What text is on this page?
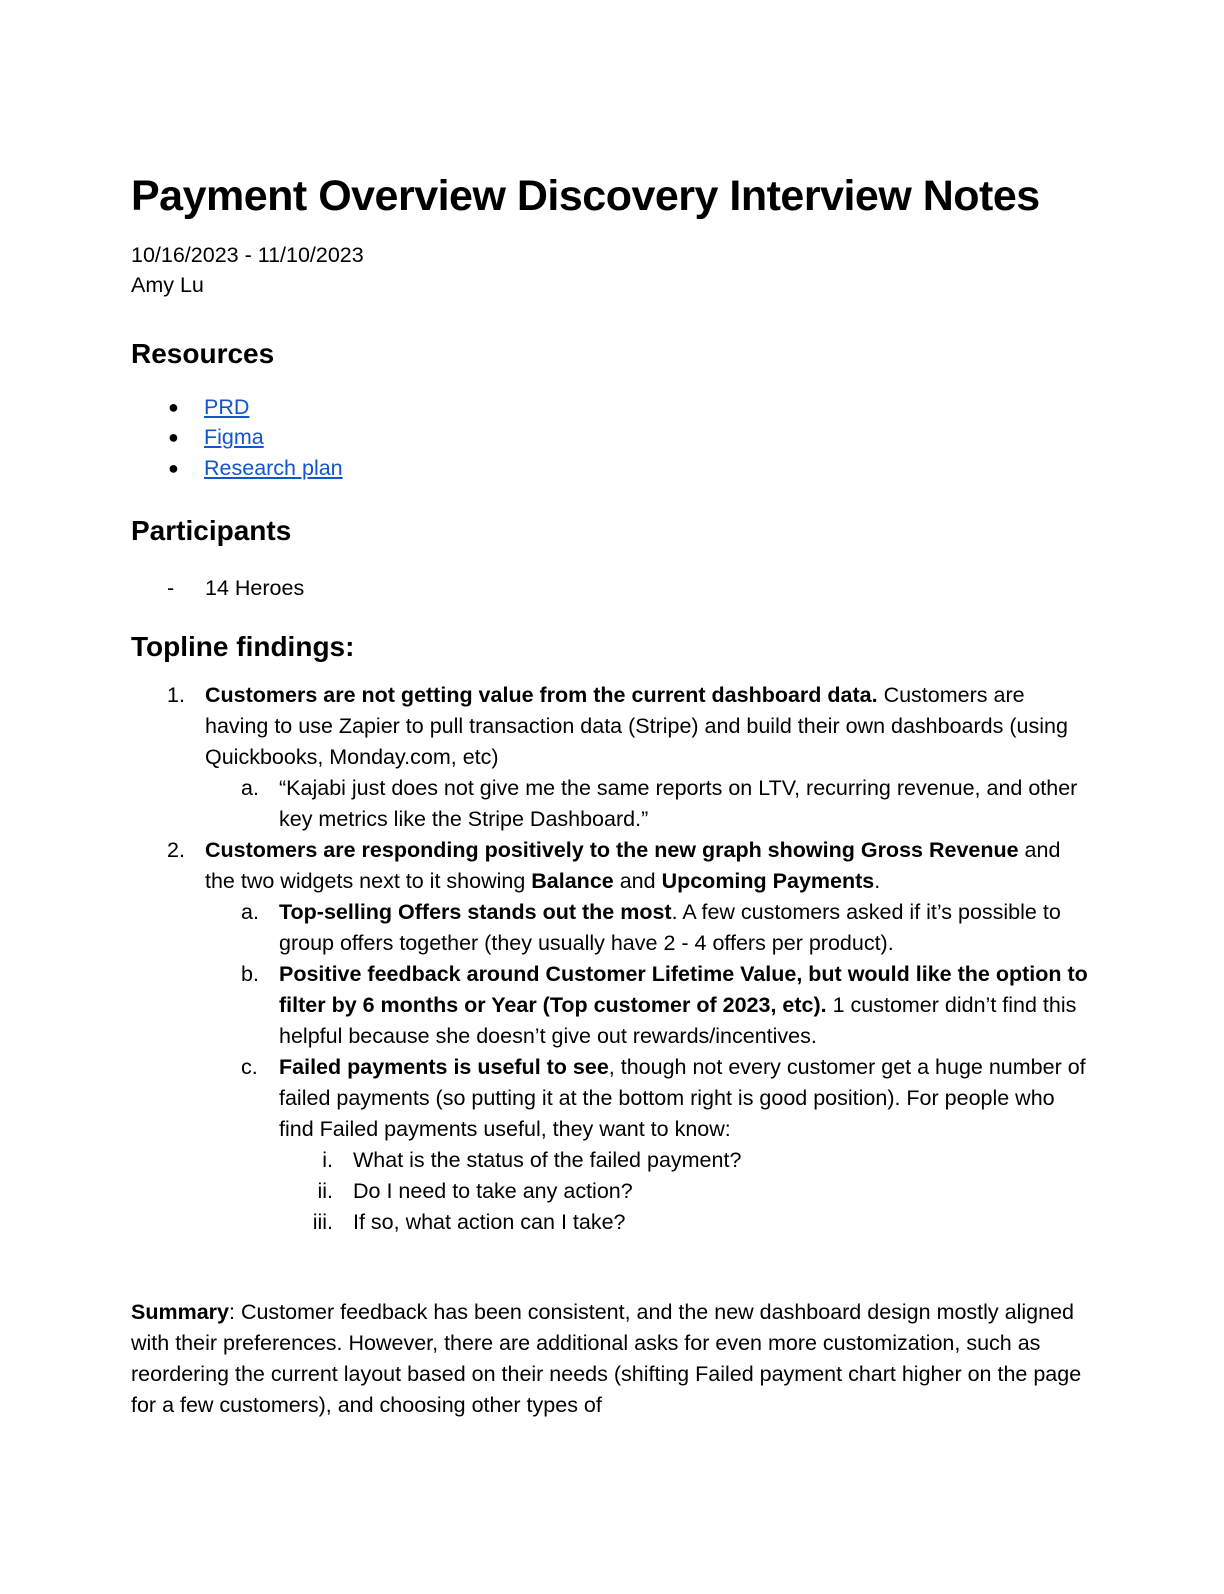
Payment Overview Discovery Interview Notes
10/16/2023 - 11/10/2023
Amy Lu
Resources
● PRD
● Figma
● Research plan
Participants
- 14 Heroes
Topline findings:
1. Customers are not getting value from the current dashboard data. Customers are having to use Zapier to pull transaction data (Stripe) and build their own dashboards (using Quickbooks, Monday.com, etc)
a. “Kajabi just does not give me the same reports on LTV, recurring revenue, and other key metrics like the Stripe Dashboard.”
2. Customers are responding positively to the new graph showing Gross Revenue and the two widgets next to it showing Balance and Upcoming Payments.
a. Top-selling Offers stands out the most. A few customers asked if it’s possible to group offers together (they usually have 2 - 4 offers per product).
b. Positive feedback around Customer Lifetime Value, but would like the option to filter by 6 months or Year (Top customer of 2023, etc). 1 customer didn’t find this helpful because she doesn’t give out rewards/incentives.
c. Failed payments is useful to see, though not every customer get a huge number of failed payments (so putting it at the bottom right is good position). For people who find Failed payments useful, they want to know:
i. What is the status of the failed payment?
ii. Do I need to take any action?
iii. If so, what action can I take?
Summary: Customer feedback has been consistent, and the new dashboard design mostly aligned with their preferences. However, there are additional asks for even more customization, such as reordering the current layout based on their needs (shifting Failed payment chart higher on the page for a few customers), and choosing other types of
